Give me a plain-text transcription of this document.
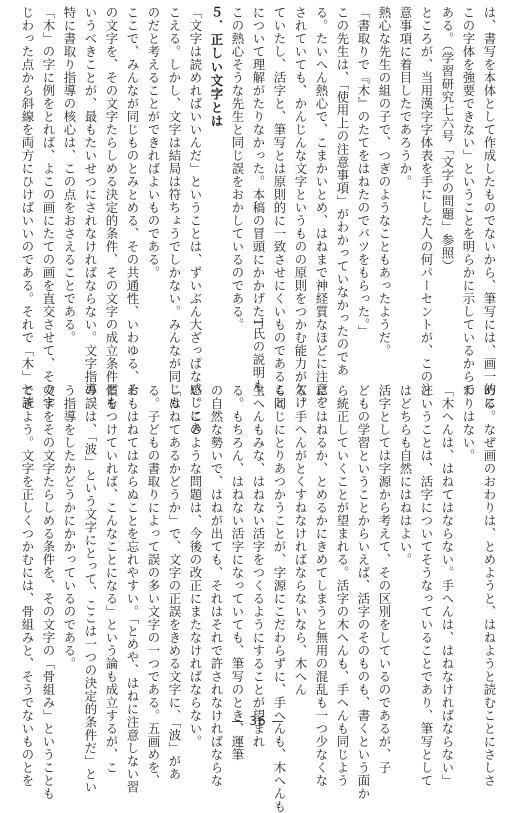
は、書写を本体として作成したものでないから、筆写には、画一的に
この字体を強要できない」ということを明らかに示しているからで
ある。（学習研究七六号「文字の問題」参照）
ところが、当用漢字字体表を手にした人の何パーセントが、この注
意事項に着目したであろうか。
熱心な先生の組の子で、つぎのようなこともあったようだ。
「書取りで『木』のたてをはねたのでバツをもらった。」
この先生は、「使用上の注意事項」がわかっていなかったのであ
る。たいへん熱心で、こまかいとめ、はねまで神経質なほどに注意を
されていても、かんじんな文字というものの原則をつかむ能力が欠け
ていたし、活字と、筆写とは原則的に一致させにくいものであること
について理解がたりなかった。本稿の冒頭にかかげたT氏の説明も、
この熱心そうな先生と同じ誤をおかしているのである。
５．正しい文字とは
「文字は読めればいいんだ」ということは、ずいぶん大ざっぱな感じにき
こえる。しかし、文字は結局は符ちょうでしかない。みんなが同じも
のだと考えることができればよいものである。
ここで、みんなが同じものとみとめる、その共通性、いわゆる、そ
の文字を、その文字たらしめる決定的条件、その文字の成立条件とも
いうべきことが、最もたいせつにされなければならない。文字指導、
特に書取り指導の核心は、この点をおさえることである。
「木」の字に例をとれば、よこの画にたての画を直交させて、そのま
じわった点から斜線を両方にひけばいいのである。それで「木」と読
める。なぜ画のおわりは、とめようと、はねようと読むことにさしさ
わりはない。
「木へんは、はねてはならない。手へんは、はねなければならない」
ということは、活字についてそうなっていることであり、筆写として
はどちらも自然にはねはよい。
活字としては字源から考えて、その区別をしているのであるが、子
どもの学習ということからいえば、活字のそのものも、書くという面か
ら統正していくことが望まれる。活字の木へんも、手へんも同じよう
に、はねるか、とめるかにきめてしまうと無用の混乱も一つ少なくな
る。手へんがとくすねなければならないなら、木へん
も同じにとりあつかうことが、字源にこだわらずに、手へんも、木へんも
生へんもみな、はねない活字をつくるようにすることが望まれ
る。もちろん、はねない活字になっていても、筆写のとき、運筆
の自然な勢いで、はねが出ても、それはそれで許されなければならな
い。このような問題は、今後の改正にまたなければならない。
「はねてあるかどうか」で、文字の正誤をきめる文字に、「波」があ
る。子どもの書取りによって誤の多い文字の一つである。五画めを、
おもはねてはならぬことを忘れやすい。「とめや、はねに注意しない習
慣をつけていれば、こんなことになる」という論も成立するが、こ
の誤は、「波」という文字にとって、ここは一つの決定的条件だ」とい
う指導をしたかどうかにかかっているのである。
文字をその文字たらしめる条件を、その文字の「骨組み」ということも
できよう。文字を正しくつかむには、骨組みと、そうでないものとを	— 36 —
